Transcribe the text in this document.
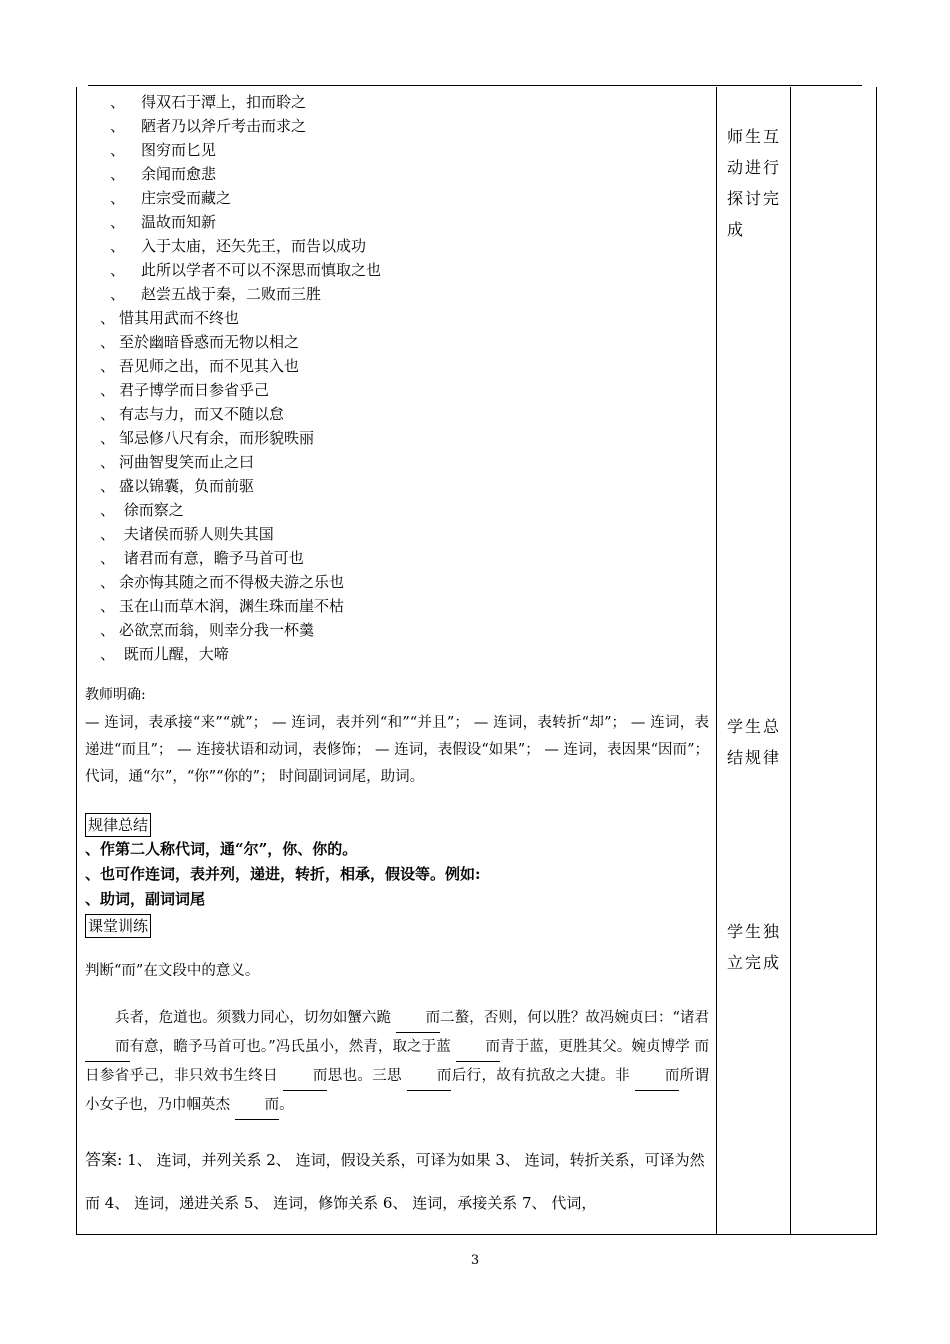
、 得双石于潭上，扣而聆之
、 陋者乃以斧斤考击而求之
、 图穷而匕见
、 余闻而愈悲
、 庄宗受而藏之
、 温故而知新
、 入于太庙，还矢先王，而告以成功
、 此所以学者不可以不深思而慎取之也
、 赵尝五战于秦，二败而三胜
、 惜其用武而不终也
、 至於幽暗昏惑而无物以相之
、 吾见师之出，而不见其入也
、 君子博学而日参省乎己
、 有志与力，而又不随以怠
、 邹忌修八尺有余，而形貌昳丽
、 河曲智叟笑而止之曰
、 盛以锦囊，负而前驱
、 徐而察之
、 夫诸侯而骄人则失其国
、 诸君而有意，瞻予马首可也
、 余亦悔其随之而不得极夫游之乐也
、 玉在山而草木润，渊生珠而崖不枯
、 必欲烹而翁，则幸分我一杯羹
、 既而儿醒，大啼
教师明确:
— 连词，表承接“来”“就”； — 连词，表并列“和”“并且”； — 连词，表转折“却”； — 连词，表递进“而且”； — 连接状语和动词，表修饰； — 连词，表假设“如果”； — 连词，表因果“因而”； 代词，通“尔”，“你”“你的”； 时间副词词尾，助词。
规律总结
、作第二人称代词，通“尔”，你、你的。
、也可作连词，表并列，递进，转折，相承，假设等。例如:
、助词，副词词尾
课堂训练
判断“而”在文段中的意义。
兵者，危道也。须戮力同心，切勿如蟹六跪 而二螯，否则，何以胜？故冯婉贞曰：“诸君 而有意，瞻予马首可也。”冯氏虽小，然青，取之于蓝 而青于蓝，更胜其父。婉贞博学 而日参省乎己，非只效书生终日 而思也。三思 而后行，故有抗敌之大捷。非 而所谓小女子也，乃巾帼英杰 而。
答案: 1、 连词，并列关系 2、 连词，假设关系，可译为如果 3、 连词，转折关系，可译为然而 4、 连词，递进关系 5、 连词，修饰关系 6、 连词，承接关系 7、 代词，
师生互动进行探讨完成
学生总结规律
学生独立完成
3
